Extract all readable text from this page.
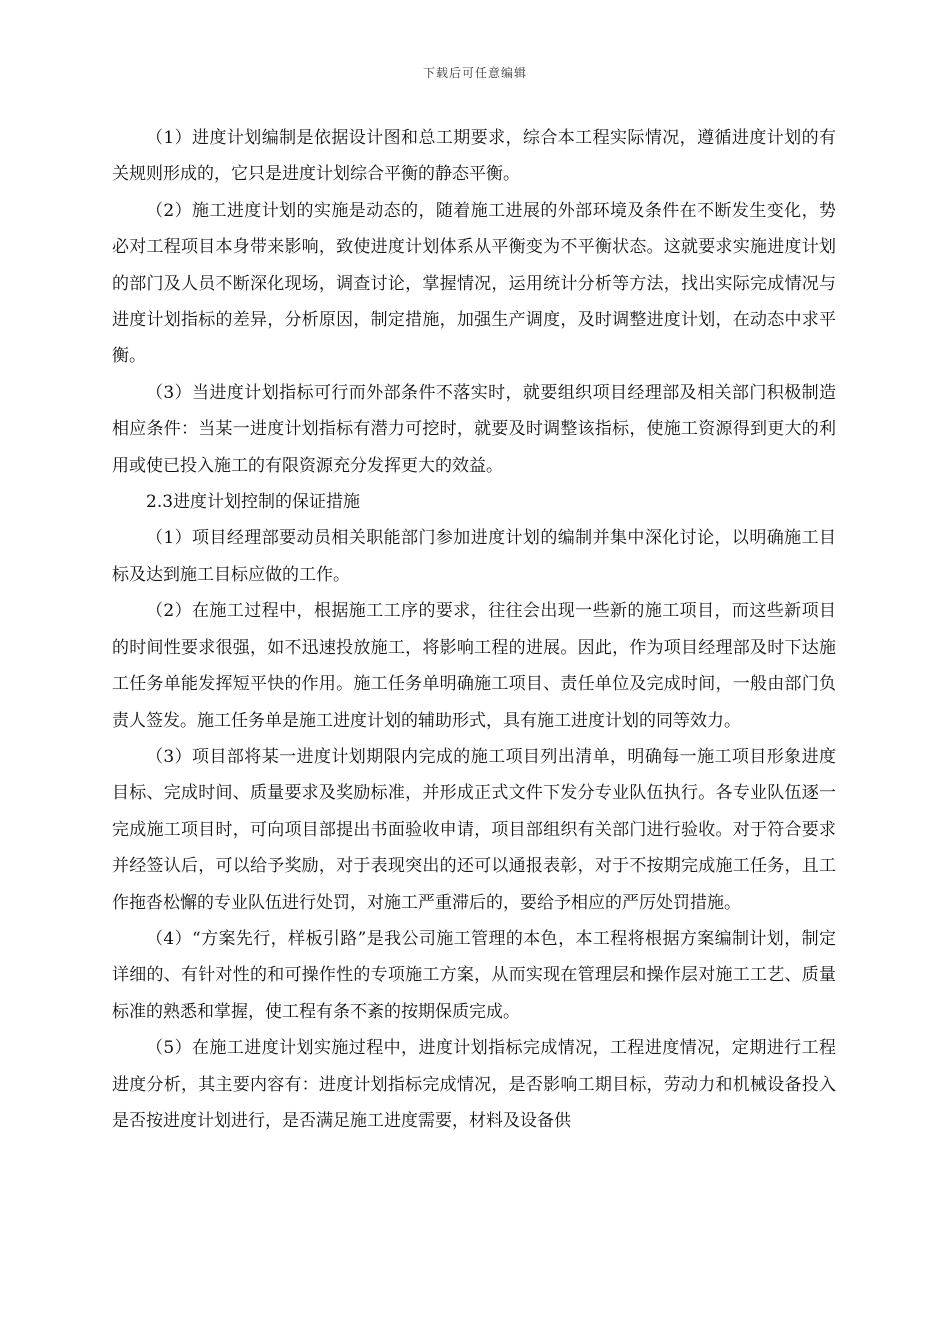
下载后可任意编辑

（1）进度计划编制是依据设计图和总工期要求，综合本工程实际情况，遵循进度计划的有关规则形成的，它只是进度计划综合平衡的静态平衡。

（2）施工进度计划的实施是动态的，随着施工进展的外部环境及条件在不断发生变化，势必对工程项目本身带来影响，致使进度计划体系从平衡变为不平衡状态。这就要求实施进度计划的部门及人员不断深化现场，调查讨论，掌握情况，运用统计分析等方法，找出实际完成情况与进度计划指标的差异，分析原因，制定措施，加强生产调度，及时调整进度计划，在动态中求平衡。

（3）当进度计划指标可行而外部条件不落实时，就要组织项目经理部及相关部门积极制造相应条件：当某一进度计划指标有潜力可挖时，就要及时调整该指标，使施工资源得到更大的利用或使已投入施工的有限资源充分发挥更大的效益。

2.3进度计划控制的保证措施

（1）项目经理部要动员相关职能部门参加进度计划的编制并集中深化讨论，以明确施工目标及达到施工目标应做的工作。

（2）在施工过程中，根据施工工序的要求，往往会出现一些新的施工项目，而这些新项目的时间性要求很强，如不迅速投放施工，将影响工程的进展。因此，作为项目经理部及时下达施工任务单能发挥短平快的作用。施工任务单明确施工项目、责任单位及完成时间，一般由部门负责人签发。施工任务单是施工进度计划的辅助形式，具有施工进度计划的同等效力。

（3）项目部将某一进度计划期限内完成的施工项目列出清单，明确每一施工项目形象进度目标、完成时间、质量要求及奖励标准，并形成正式文件下发分专业队伍执行。各专业队伍逐一完成施工项目时，可向项目部提出书面验收申请，项目部组织有关部门进行验收。对于符合要求并经签认后，可以给予奖励，对于表现突出的还可以通报表彰，对于不按期完成施工任务，且工作拖沓松懈的专业队伍进行处罚，对施工严重滞后的，要给予相应的严厉处罚措施。

（4）“方案先行，样板引路”是我公司施工管理的本色，本工程将根据方案编制计划，制定详细的、有针对性的和可操作性的专项施工方案，从而实现在管理层和操作层对施工工艺、质量标准的熟悉和掌握，使工程有条不紊的按期保质完成。

（5）在施工进度计划实施过程中，进度计划指标完成情况，工程进度情况，定期进行工程进度分析，其主要内容有：进度计划指标完成情况，是否影响工期目标，劳动力和机械设备投入是否按进度计划进行，是否满足施工进度需要，材料及设备供
